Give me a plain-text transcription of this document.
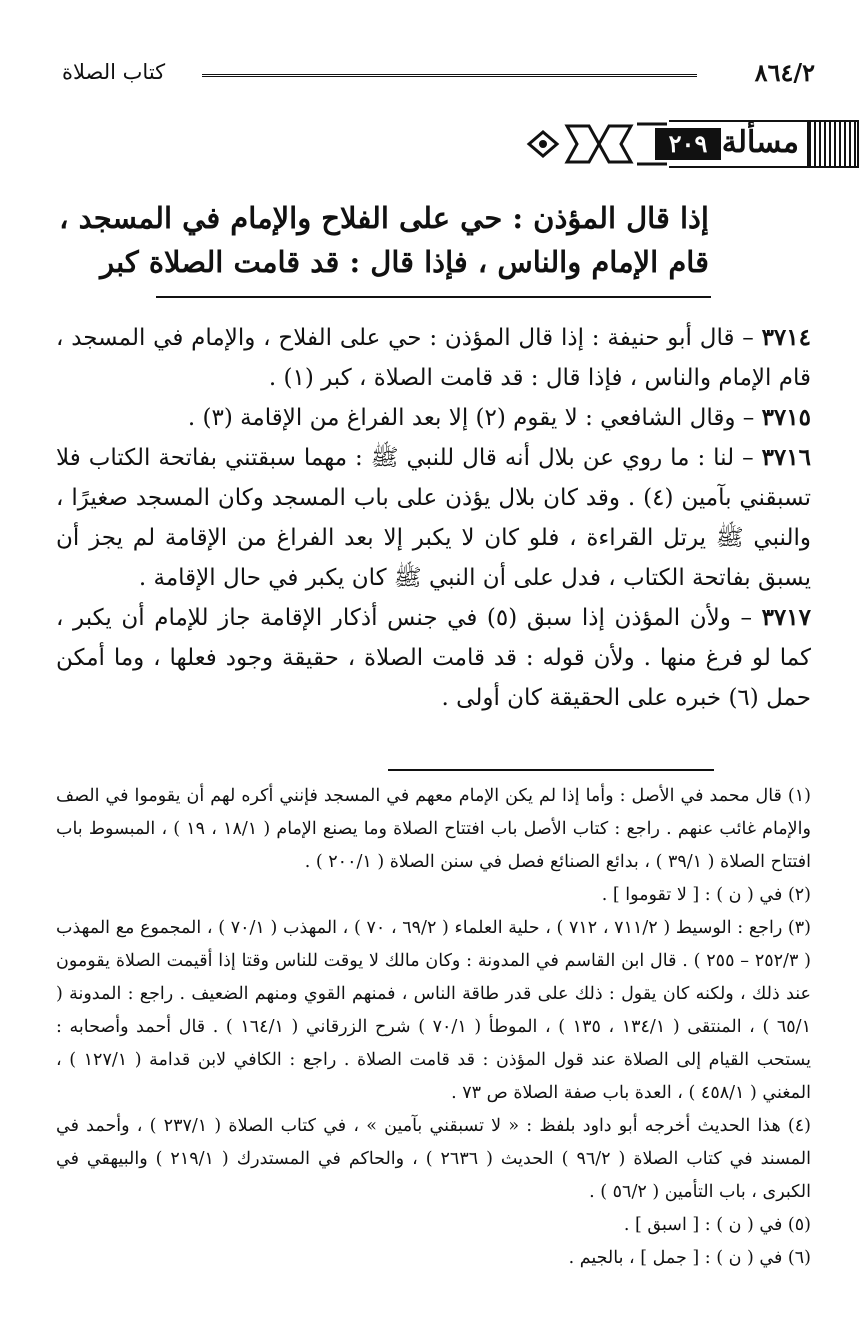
٨٦٤/٢
كتاب الصلاة
مسألة
٢٠٩
إذا قال المؤذن : حي على الفلاح والإمام في المسجد ،
قام الإمام والناس ، فإذا قال : قد قامت الصلاة كبر

٣٧١٤ – قال أبو حنيفة : إذا قال المؤذن : حي على الفلاح ، والإمام في المسجد ، قام الإمام والناس ، فإذا قال : قد قامت الصلاة ، كبر (١) .

٣٧١٥ – وقال الشافعي : لا يقوم (٢) إلا بعد الفراغ من الإقامة (٣) .

٣٧١٦ – لنا : ما روي عن بلال أنه قال للنبي ﷺ : مهما سبقتني بفاتحة الكتاب فلا تسبقني بآمين (٤) . وقد كان بلال يؤذن على باب المسجد وكان المسجد صغيرًا ، والنبي ﷺ يرتل القراءة ، فلو كان لا يكبر إلا بعد الفراغ من الإقامة لم يجز أن يسبق بفاتحة الكتاب ، فدل على أن النبي ﷺ كان يكبر في حال الإقامة .

٣٧١٧ – ولأن المؤذن إذا سبق (٥) في جنس أذكار الإقامة جاز للإمام أن يكبر ، كما لو فرغ منها . ولأن قوله : قد قامت الصلاة ، حقيقة وجود فعلها ، وما أمكن حمل (٦) خبره على الحقيقة كان أولى .

(١) قال محمد في الأصل : وأما إذا لم يكن الإمام معهم في المسجد فإنني أكره لهم أن يقوموا في الصف والإمام غائب عنهم . راجع : كتاب الأصل باب افتتاح الصلاة وما يصنع الإمام ( ١٨/١ ، ١٩ ) ، المبسوط باب افتتاح الصلاة ( ٣٩/١ ) ، بدائع الصنائع فصل في سنن الصلاة ( ٢٠٠/١ ) .

(٢) في ( ن ) : [ لا تقوموا ] .

(٣) راجع : الوسيط ( ٧١١/٢ ، ٧١٢ ) ، حلية العلماء ( ٦٩/٢ ، ٧٠ ) ، المهذب ( ٧٠/١ ) ، المجموع مع المهذب ( ٢٥٢/٣ – ٢٥٥ ) . قال ابن القاسم في المدونة : وكان مالك لا يوقت للناس وقتا إذا أقيمت الصلاة يقومون عند ذلك ، ولكنه كان يقول : ذلك على قدر طاقة الناس ، فمنهم القوي ومنهم الضعيف . راجع : المدونة ( ٦٥/١ ) ، المنتقى ( ١٣٤/١ ، ١٣٥ ) ، الموطأ ( ٧٠/١ ) شرح الزرقاني ( ١٦٤/١ ) . قال أحمد وأصحابه : يستحب القيام إلى الصلاة عند قول المؤذن : قد قامت الصلاة . راجع : الكافي لابن قدامة ( ١٢٧/١ ) ، المغني ( ٤٥٨/١ ) ، العدة باب صفة الصلاة ص ٧٣ .

(٤) هذا الحديث أخرجه أبو داود بلفظ : « لا تسبقني بآمين » ، في كتاب الصلاة ( ٢٣٧/١ ) ، وأحمد في المسند في كتاب الصلاة ( ٩٦/٢ ) الحديث ( ٢٦٣٦ ) ، والحاكم في المستدرك ( ٢١٩/١ ) والبيهقي في الكبرى ، باب التأمين ( ٥٦/٢ ) .

(٥) في ( ن ) : [ اسبق ] .

(٦) في ( ن ) : [ جمل ] ، بالجيم .
